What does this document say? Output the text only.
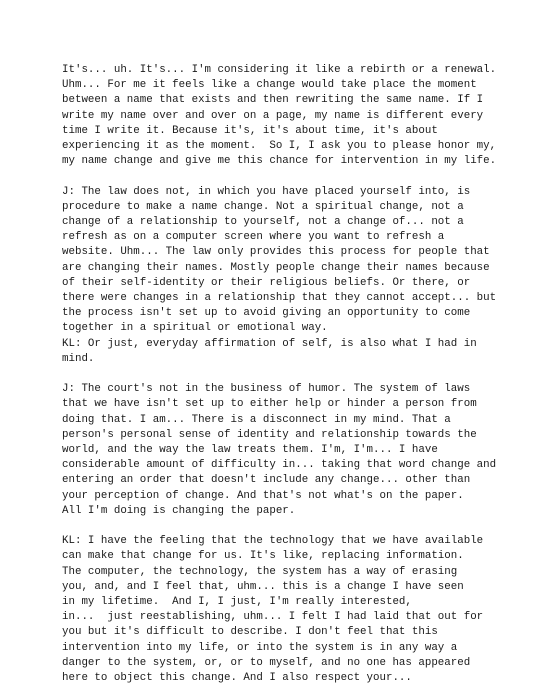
It's... uh. It's... I'm considering it like a rebirth or a renewal.
Uhm... For me it feels like a change would take place the moment
between a name that exists and then rewriting the same name. If I
write my name over and over on a page, my name is different every
time I write it. Because it's, it's about time, it's about
experiencing it as the moment.  So I, I ask you to please honor my,
my name change and give me this chance for intervention in my life.
J: The law does not, in which you have placed yourself into, is
procedure to make a name change. Not a spiritual change, not a
change of a relationship to yourself, not a change of... not a
refresh as on a computer screen where you want to refresh a
website. Uhm... The law only provides this process for people that
are changing their names. Mostly people change their names because
of their self-identity or their religious beliefs. Or there, or
there were changes in a relationship that they cannot accept... but
the process isn't set up to avoid giving an opportunity to come
together in a spiritual or emotional way.
KL: Or just, everyday affirmation of self, is also what I had in
mind.
J: The court's not in the business of humor. The system of laws
that we have isn't set up to either help or hinder a person from
doing that. I am... There is a disconnect in my mind. That a
person's personal sense of identity and relationship towards the
world, and the way the law treats them. I'm, I'm... I have
considerable amount of difficulty in... taking that word change and
entering an order that doesn't include any change... other than
your perception of change. And that's not what's on the paper.
All I'm doing is changing the paper.
KL: I have the feeling that the technology that we have available
can make that change for us. It's like, replacing information.
The computer, the technology, the system has a way of erasing
you, and, and I feel that, uhm... this is a change I have seen
in my lifetime.  And I, I just, I'm really interested,
in...  just reestablishing, uhm... I felt I had laid that out for
you but it's difficult to describe. I don't feel that this
intervention into my life, or into the system is in any way a
danger to the system, or, or to myself, and no one has appeared
here to object this change. And I also respect your...
